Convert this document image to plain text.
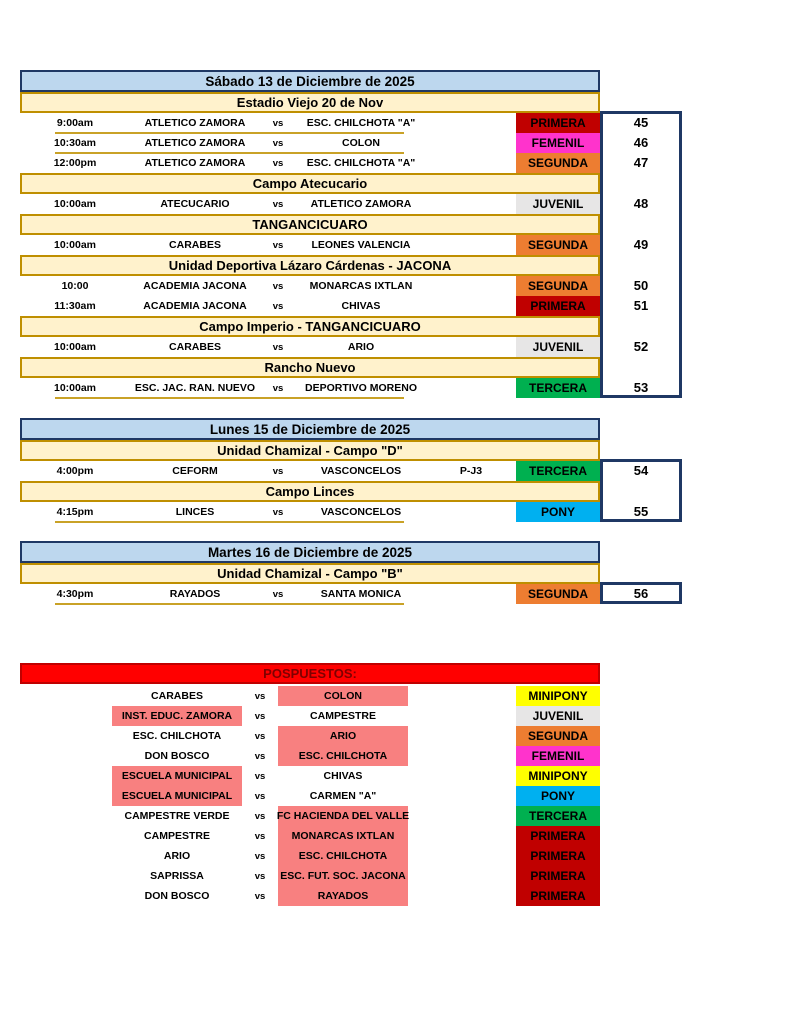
Sábado 13 de Diciembre de 2025
Estadio Viejo 20 de Nov
9:00am	ATLETICO ZAMORA	vs	ESC. CHILCHOTA "A"	PRIMERA	45
10:30am	ATLETICO ZAMORA	vs	COLON	FEMENIL	46
12:00pm	ATLETICO ZAMORA	vs	ESC. CHILCHOTA "A"	SEGUNDA	47
Campo Atecucario
10:00am	ATECUCARIO	vs	ATLETICO ZAMORA	JUVENIL	48
TANGANCICUARO
10:00am	CARABES	vs	LEONES VALENCIA	SEGUNDA	49
Unidad Deportiva Lázaro Cárdenas - JACONA
10:00	ACADEMIA JACONA	vs	MONARCAS IXTLAN	SEGUNDA	50
11:30am	ACADEMIA JACONA	vs	CHIVAS	PRIMERA	51
Campo Imperio - TANGANCICUARO
10:00am	CARABES	vs	ARIO	JUVENIL	52
Rancho Nuevo
10:00am	ESC. JAC. RAN. NUEVO	vs	DEPORTIVO MORENO	TERCERA	53
Lunes 15 de Diciembre de 2025
Unidad Chamizal - Campo "D"
4:00pm	CEFORM	vs	VASCONCELOS	P-J3	TERCERA	54
Campo Linces
4:15pm	LINCES	vs	VASCONCELOS	PONY	55
Martes 16 de Diciembre de 2025
Unidad Chamizal - Campo "B"
4:30pm	RAYADOS	vs	SANTA MONICA	SEGUNDA	56
POSPUESTOS:
CARABES	vs	COLON	MINIPONY
INST. EDUC. ZAMORA	vs	CAMPESTRE	JUVENIL
ESC. CHILCHOTA	vs	ARIO	SEGUNDA
DON BOSCO	vs	ESC. CHILCHOTA	FEMENIL
ESCUELA MUNICIPAL	vs	CHIVAS	MINIPONY
ESCUELA MUNICIPAL	vs	CARMEN "A"	PONY
CAMPESTRE VERDE	vs	FC HACIENDA DEL VALLE	TERCERA
CAMPESTRE	vs	MONARCAS IXTLAN	PRIMERA
ARIO	vs	ESC. CHILCHOTA	PRIMERA
SAPRISSA	vs	ESC. FUT. SOC. JACONA	PRIMERA
DON BOSCO	vs	RAYADOS	PRIMERA
